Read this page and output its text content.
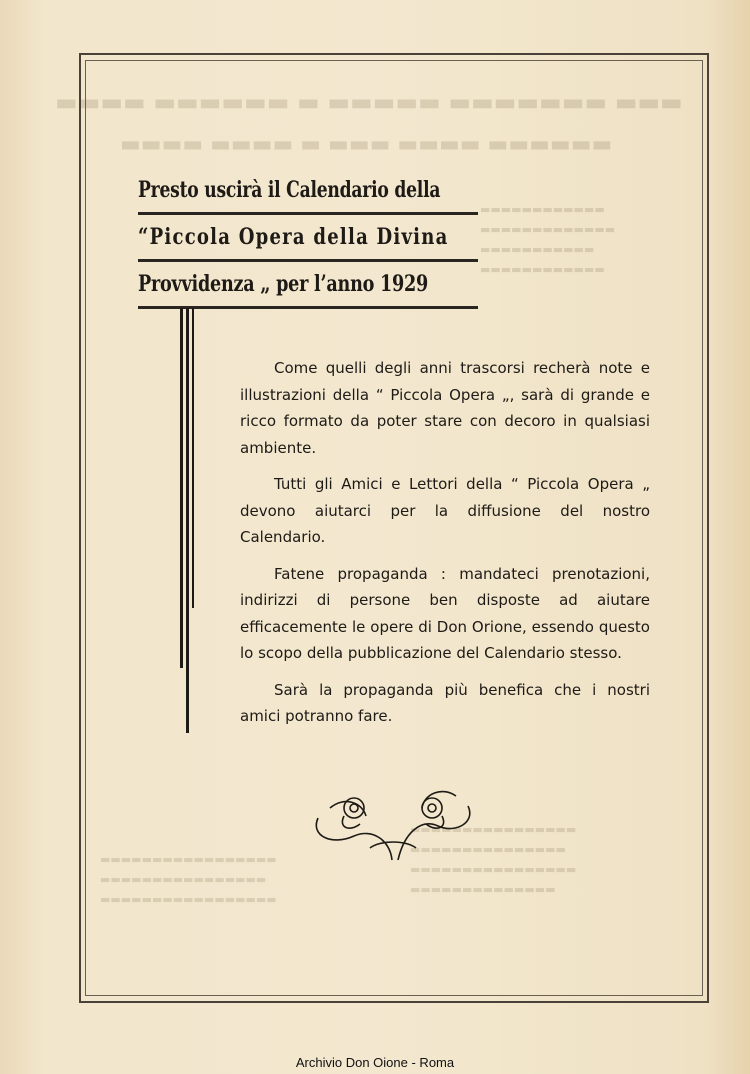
▬▬▬▬ ▬▬▬▬▬▬ ▬ ▬▬▬▬▬ ▬▬▬▬▬▬▬ ▬▬▬
▬▬▬▬ ▬▬▬▬ ▬ ▬▬▬ ▬▬▬▬ ▬▬▬▬▬▬
▬▬▬▬▬▬▬▬▬▬▬▬
▬▬▬▬▬▬▬▬▬▬▬▬▬
▬▬▬▬▬▬▬▬▬▬▬
▬▬▬▬▬▬▬▬▬▬▬▬
▬▬▬▬▬▬▬▬▬▬▬▬▬▬▬▬
▬▬▬▬▬▬▬▬▬▬▬▬▬▬▬
▬▬▬▬▬▬▬▬▬▬▬▬▬▬▬▬
▬▬▬▬▬▬▬▬▬▬▬▬▬▬
▬▬▬▬▬▬▬▬▬▬▬▬▬▬▬▬▬
▬▬▬▬▬▬▬▬▬▬▬▬▬▬▬▬
▬▬▬▬▬▬▬▬▬▬▬▬▬▬▬▬▬
Presto uscirà il Calendario della
“Piccola Opera della Divina
Provvidenza „ per l’anno 1929

Come quelli degli anni trascorsi recherà note e illustrazioni della “ Piccola Opera „, sarà di grande e ricco formato da poter stare con decoro in qualsiasi ambiente.

Tutti gli Amici e Lettori della “ Piccola Opera „ devono aiutarci per la diffusione del nostro Calendario.

Fatene propaganda : mandateci prenotazioni, indirizzi di persone ben disposte ad aiutare efficacemente le opere di Don Orione, essendo questo lo scopo della pubblicazione del Calendario stesso.

Sarà la propaganda più benefica che i nostri amici potranno fare.

Archivio Don Oione - Roma
